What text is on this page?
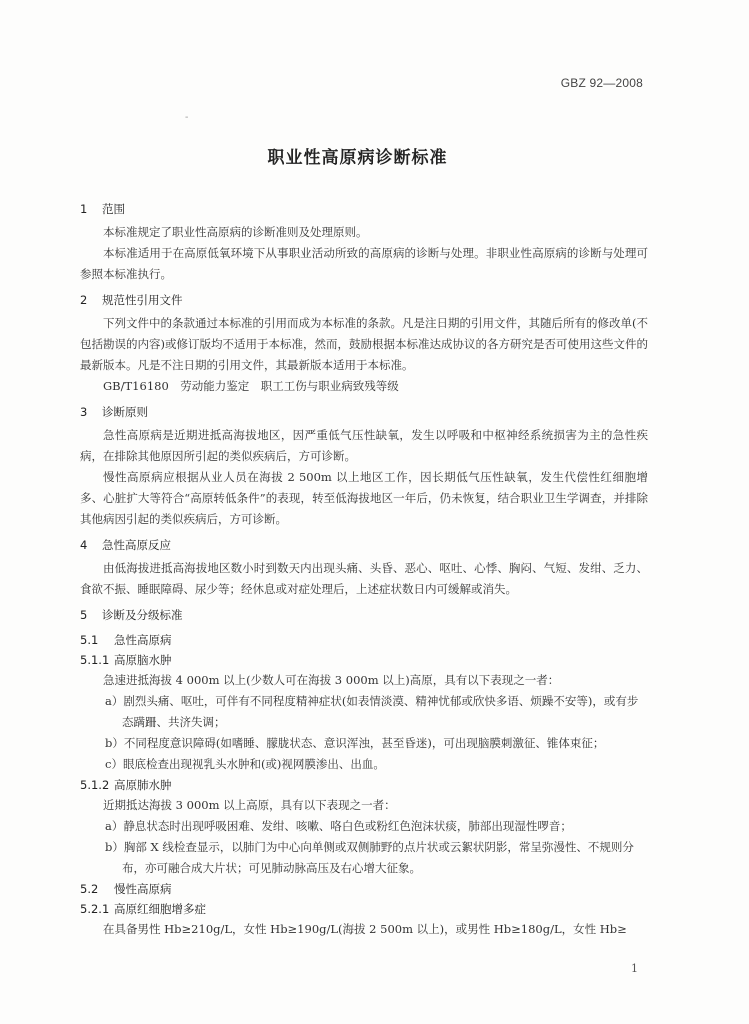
GBZ 92—2008
-
职业性高原病诊断标准
1 范围

本标准规定了职业性高原病的诊断准则及处理原则。

本标准适用于在高原低氧环境下从事职业活动所致的高原病的诊断与处理。非职业性高原病的诊断与处理可参照本标准执行。

2 规范性引用文件

下列文件中的条款通过本标准的引用而成为本标准的条款。凡是注日期的引用文件，其随后所有的修改单(不包括勘误的内容)或修订版均不适用于本标准，然而，鼓励根据本标准达成协议的各方研究是否可使用这些文件的最新版本。凡是不注日期的引用文件，其最新版本适用于本标准。

GB/T16180　劳动能力鉴定　职工工伤与职业病致残等级

3 诊断原则

急性高原病是近期进抵高海拔地区，因严重低气压性缺氧，发生以呼吸和中枢神经系统损害为主的急性疾病，在排除其他原因所引起的类似疾病后，方可诊断。

慢性高原病应根据从业人员在海拔 2 500m 以上地区工作，因长期低气压性缺氧，发生代偿性红细胞增多、心脏扩大等符合“高原转低条件”的表现，转至低海拔地区一年后，仍未恢复，结合职业卫生学调查，并排除其他病因引起的类似疾病后，方可诊断。

4 急性高原反应

由低海拔进抵高海拔地区数小时到数天内出现头痛、头昏、恶心、呕吐、心悸、胸闷、气短、发绀、乏力、食欲不振、睡眠障碍、尿少等；经休息或对症处理后，上述症状数日内可缓解或消失。

5 诊断及分级标准
5.1 急性高原病
5.1.1 高原脑水肿

急速进抵海拔 4 000m 以上(少数人可在海拔 3 000m 以上)高原，具有以下表现之一者：

a）剧烈头痛、呕吐，可伴有不同程度精神症状(如表情淡漠、精神忧郁或欣快多语、烦躁不安等)，或有步态蹒跚、共济失调；

b）不同程度意识障碍(如嗜睡、朦胧状态、意识浑浊，甚至昏迷)，可出现脑膜刺激征、锥体束征；

c）眼底检查出现视乳头水肿和(或)视网膜渗出、出血。

5.1.2 高原肺水肿

近期抵达海拔 3 000m 以上高原，具有以下表现之一者：

a）静息状态时出现呼吸困难、发绀、咳嗽、咯白色或粉红色泡沫状痰，肺部出现湿性啰音；

b）胸部 X 线检查显示，以肺门为中心向单侧或双侧肺野的点片状或云絮状阴影，常呈弥漫性、不规则分布，亦可融合成大片状；可见肺动脉高压及右心增大征象。

5.2 慢性高原病
5.2.1 高原红细胞增多症

在具备男性 Hb≥210g/L，女性 Hb≥190g/L(海拔 2 500m 以上)，或男性 Hb≥180g/L，女性 Hb≥

1
